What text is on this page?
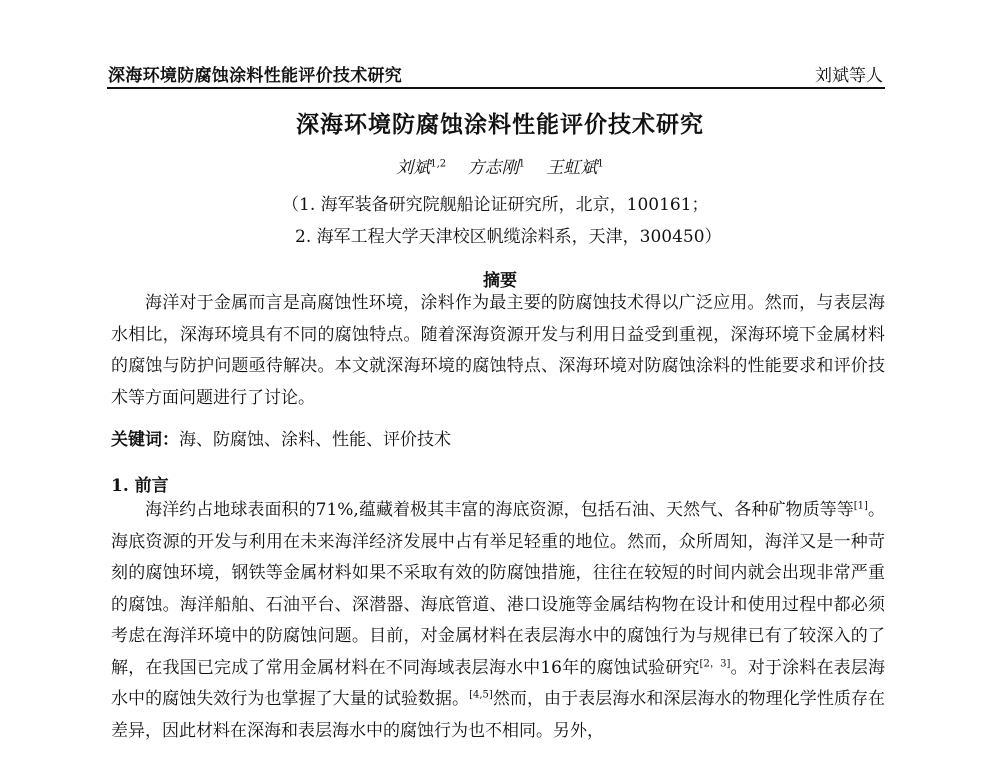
深海环境防腐蚀涂料性能评价技术研究	刘斌等人
深海环境防腐蚀涂料性能评价技术研究
刘斌$^{1,2}$ 方志刚$^1$ 王虹斌$^1$
（1. 海军装备研究院舰船论证研究所，北京，100161；
2. 海军工程大学天津校区帆缆涂料系，天津，300450）
摘要

海洋对于金属而言是高腐蚀性环境，涂料作为最主要的防腐蚀技术得以广泛应用。然而，与表层海水相比，深海环境具有不同的腐蚀特点。随着深海资源开发与利用日益受到重视，深海环境下金属材料的腐蚀与防护问题亟待解决。本文就深海环境的腐蚀特点、深海环境对防腐蚀涂料的性能要求和评价技术等方面问题进行了讨论。

关键词：海、防腐蚀、涂料、性能、评价技术
1. 前言

海洋约占地球表面积的71%,蕴藏着极其丰富的海底资源，包括石油、天然气、各种矿物质等等[1]。海底资源的开发与利用在未来海洋经济发展中占有举足轻重的地位。然而，众所周知，海洋又是一种苛刻的腐蚀环境，钢铁等金属材料如果不采取有效的防腐蚀措施，往往在较短的时间内就会出现非常严重的腐蚀。海洋船舶、石油平台、深潜器、海底管道、港口设施等金属结构物在设计和使用过程中都必须考虑在海洋环境中的防腐蚀问题。目前，对金属材料在表层海水中的腐蚀行为与规律已有了较深入的了解，在我国已完成了常用金属材料在不同海域表层海水中16年的腐蚀试验研究[2，3]。对于涂料在表层海水中的腐蚀失效行为也掌握了大量的试验数据。[4,5]然而，由于表层海水和深层海水的物理化学性质存在差异，因此材料在深海和表层海水中的腐蚀行为也不相同。另外，
